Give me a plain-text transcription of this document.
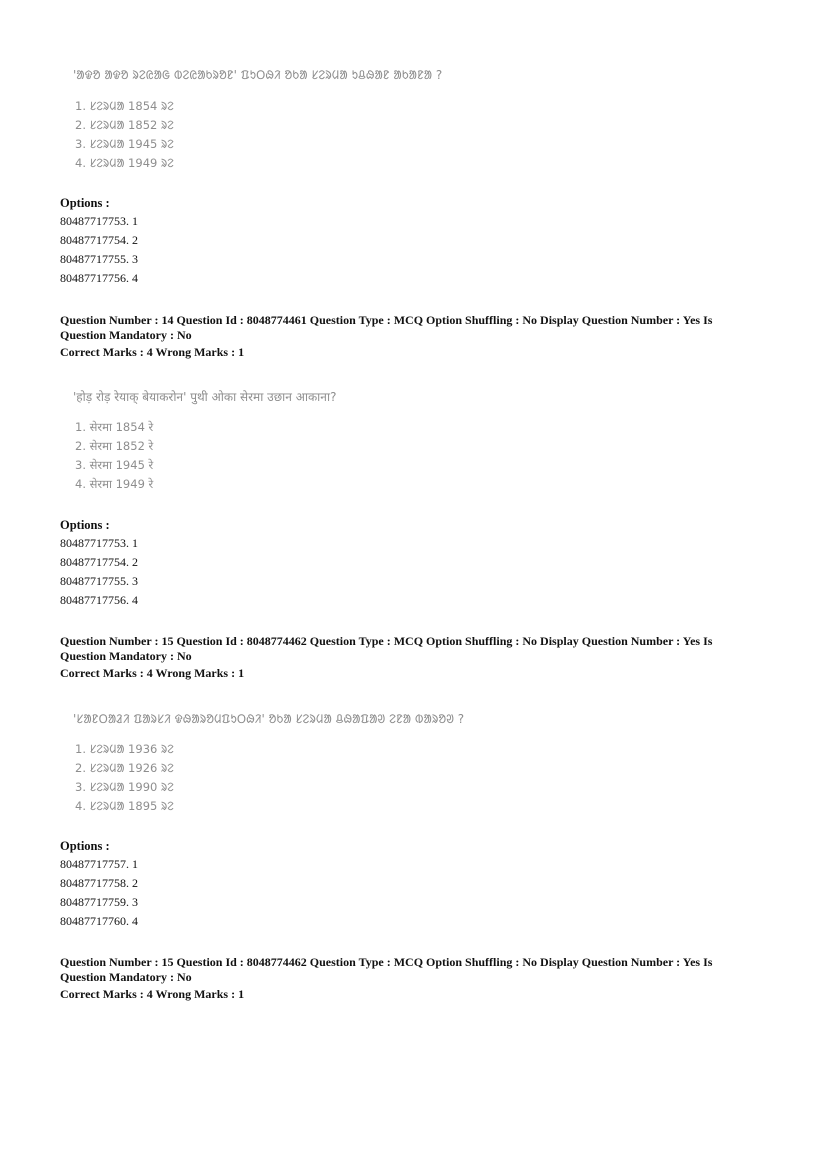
'ᱟᱫᱚ ᱟᱫᱚ ᱨᱮᱭᱟᱜ ᱵᱮᱭᱟᱠᱨᱚᱱ' ᱯᱩᱛᱷᱤ ᱚᱠᱟ ᱥᱮᱨᱢᱟ ᱩᱪᱷᱟᱱ ᱟᱠᱟᱱᱟ ?
1. ᱥᱮᱨᱢᱟ 1854 ᱨᱮ
2. ᱥᱮᱨᱢᱟ 1852 ᱨᱮ
3. ᱥᱮᱨᱢᱟ 1945 ᱨᱮ
4. ᱥᱮᱨᱢᱟ 1949 ᱨᱮ
Options :
80487717753. 1
80487717754. 2
80487717755. 3
80487717756. 4
Question Number : 14 Question Id : 8048774461 Question Type : MCQ Option Shuffling : No Display Question Number : Yes Is
Question Mandatory : No
Correct Marks : 4 Wrong Marks : 1
'होड़ रोड़ रेयाक् बेयाकरोन' पुथी ओका सेरमा उछान आकाना?
1. सेरमा 1854 रे
2. सेरमा 1852 रे
3. सेरमा 1945 रे
4. सेरमा 1949 रे
Options :
80487717753. 1
80487717754. 2
80487717755. 3
80487717756. 4
Question Number : 15 Question Id : 8048774462 Question Type : MCQ Option Shuffling : No Display Question Number : Yes Is
Question Mandatory : No
Correct Marks : 4 Wrong Marks : 1
'ᱥᱟᱱᱛᱟᱲᱤ ᱯᱟᱨᱥᱤ ᱫᱷᱟᱨᱚᱢᱯᱩᱛᱷᱤ' ᱚᱠᱟ ᱥᱮᱨᱢᱟ ᱪᱷᱟᱯᱟᱣ ᱮᱱᱟ ᱵᱟᱨᱚᱣ ?
1. ᱥᱮᱨᱢᱟ 1936 ᱨᱮ
2. ᱥᱮᱨᱢᱟ 1926 ᱨᱮ
3. ᱥᱮᱨᱢᱟ 1990 ᱨᱮ
4. ᱥᱮᱨᱢᱟ 1895 ᱨᱮ
Options :
80487717757. 1
80487717758. 2
80487717759. 3
80487717760. 4
Question Number : 15 Question Id : 8048774462 Question Type : MCQ Option Shuffling : No Display Question Number : Yes Is
Question Mandatory : No
Correct Marks : 4 Wrong Marks : 1
